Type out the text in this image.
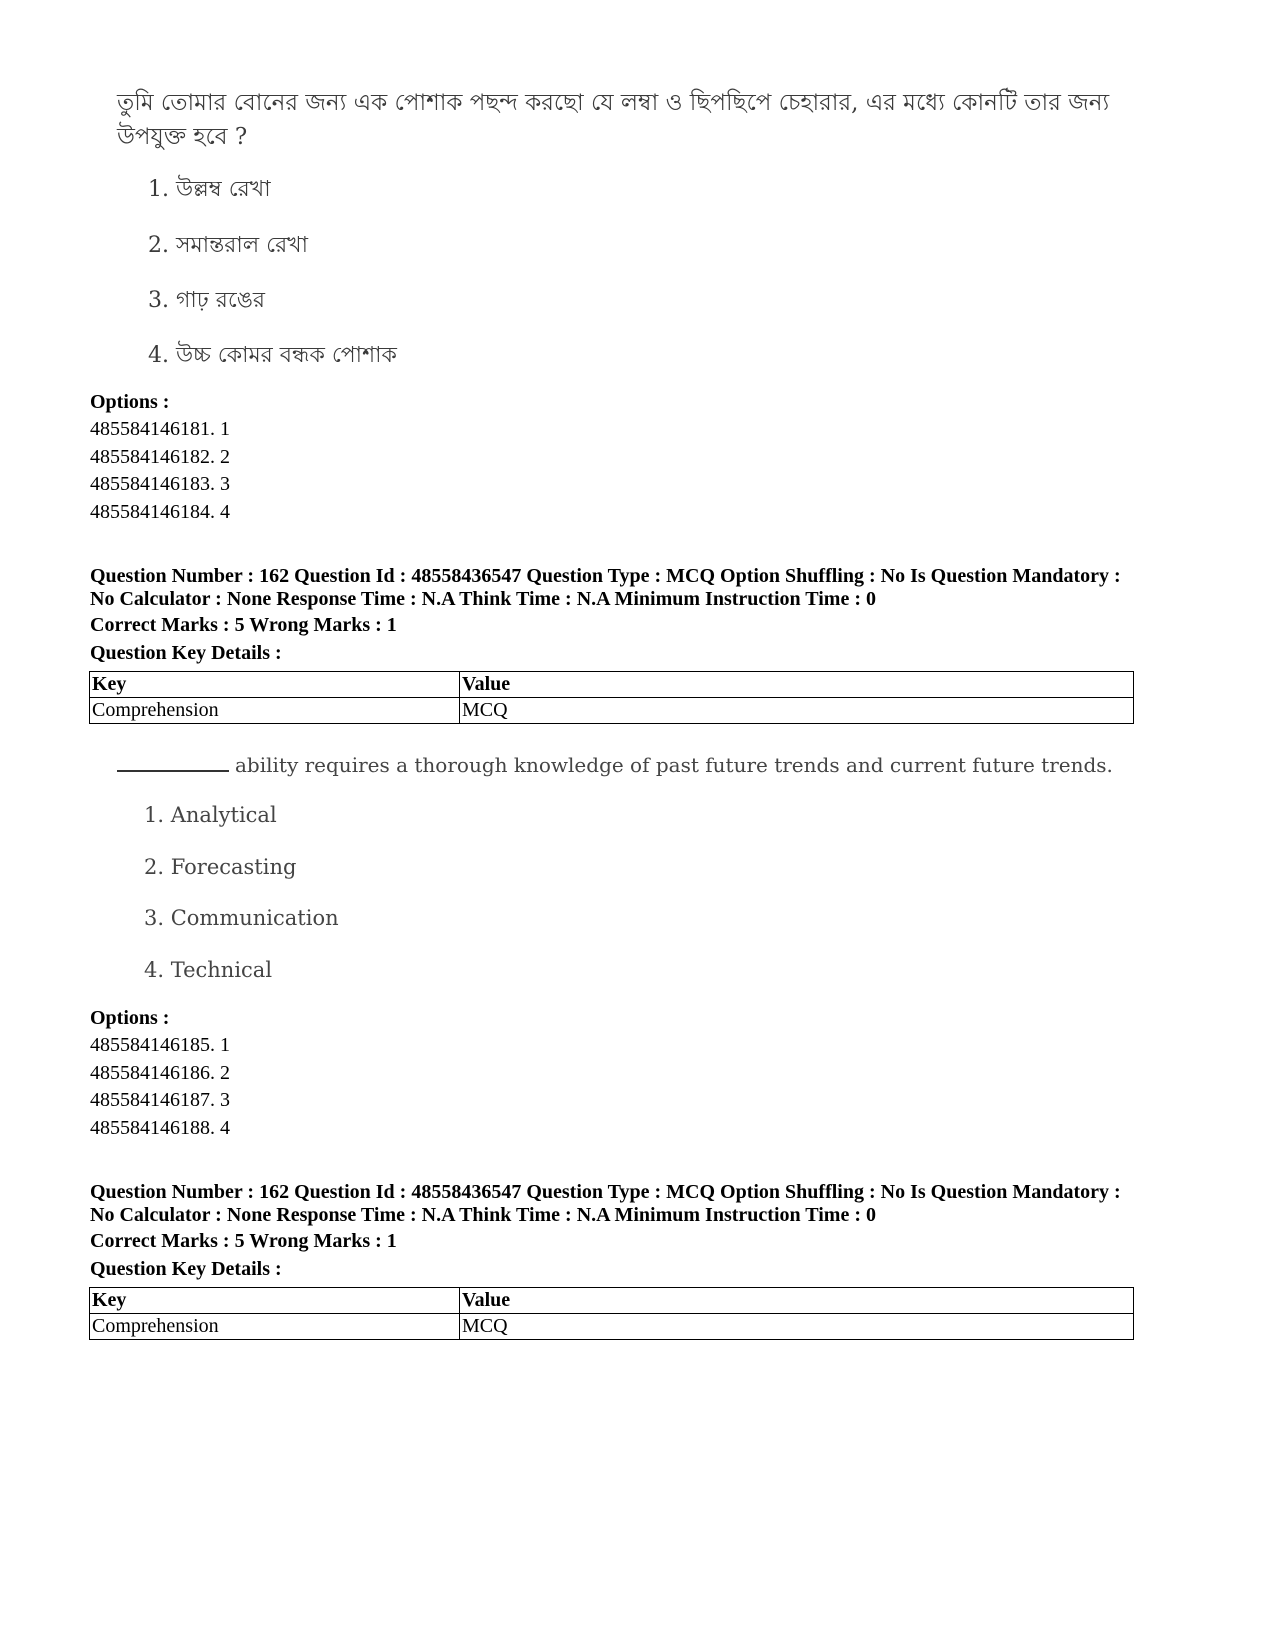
তুমি তোমার বোনের জন্য এক পোশাক পছন্দ করছো যে লম্বা ও ছিপছিপে চেহারার, এর মধ্যে কোনটি তার জন্য উপযুক্ত হবে ?
1. উল্লম্ব রেখা
2. সমান্তরাল রেখা
3. গাঢ় রঙের
4. উচ্চ কোমর বন্ধক পোশাক
Options :
485584146181. 1
485584146182. 2
485584146183. 3
485584146184. 4
Question Number : 162 Question Id : 48558436547 Question Type : MCQ Option Shuffling : No Is Question Mandatory :
No Calculator : None Response Time : N.A Think Time : N.A Minimum Instruction Time : 0
Correct Marks : 5 Wrong Marks : 1
Question Key Details :
Key	Value
Comprehension	MCQ
ability requires a thorough knowledge of past future trends and current future trends.
1. Analytical
2. Forecasting
3. Communication
4. Technical
Options :
485584146185. 1
485584146186. 2
485584146187. 3
485584146188. 4
Question Number : 162 Question Id : 48558436547 Question Type : MCQ Option Shuffling : No Is Question Mandatory :
No Calculator : None Response Time : N.A Think Time : N.A Minimum Instruction Time : 0
Correct Marks : 5 Wrong Marks : 1
Question Key Details :
Key	Value
Comprehension	MCQ
